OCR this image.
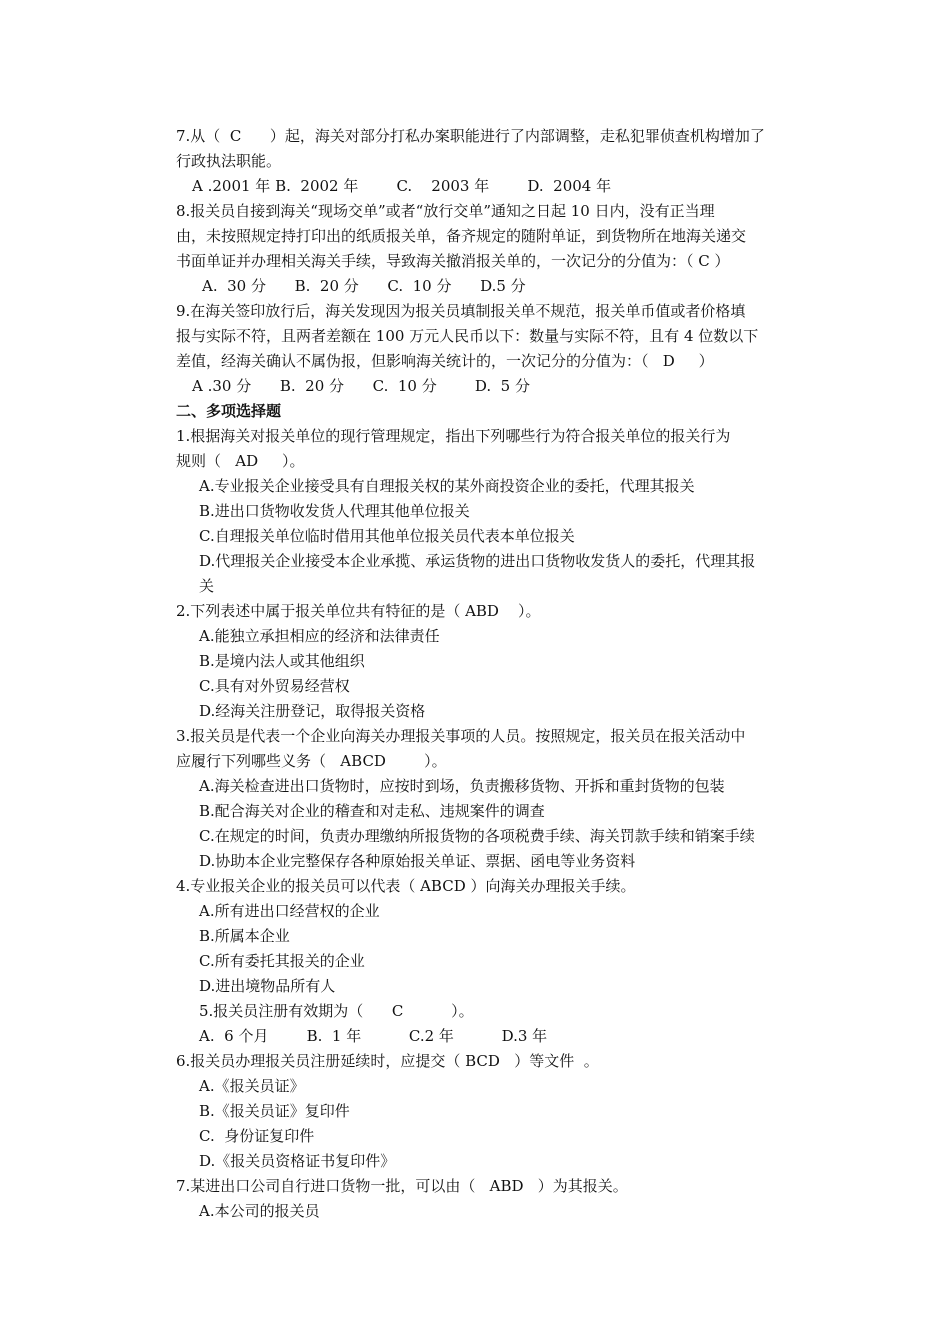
7.从（  C      ）起，海关对部分打私办案职能进行了内部调整，走私犯罪侦查机构增加了
行政执法职能。
A .2001 年 B.  2002 年        C.    2003 年        D.  2004 年
8.报关员自接到海关“现场交单”或者“放行交单”通知之日起 10 日内，没有正当理
由，未按照规定持打印出的纸质报关单，备齐规定的随附单证，到货物所在地海关递交
书面单证并办理相关海关手续，导致海关撤消报关单的，一次记分的分值为：（ C ）
A.  30 分      B.  20 分      C.  10 分      D.5 分
9.在海关签印放行后，海关发现因为报关员填制报关单不规范，报关单币值或者价格填
报与实际不符，且两者差额在 100 万元人民币以下：数量与实际不符，且有 4 位数以下
差值，经海关确认不属伪报，但影响海关统计的，一次记分的分值为：（   D     ）
A .30 分      B.  20 分      C.  10 分        D.  5 分
二、多项选择题
1.根据海关对报关单位的现行管理规定，指出下列哪些行为符合报关单位的报关行为
规则（   AD     ）。
A.专业报关企业接受具有自理报关权的某外商投资企业的委托，代理其报关
B.进出口货物收发货人代理其他单位报关
C.自理报关单位临时借用其他单位报关员代表本单位报关
D.代理报关企业接受本企业承揽、承运货物的进出口货物收发货人的委托，代理其报
关
2.下列表述中属于报关单位共有特征的是（ ABD    ）。
A.能独立承担相应的经济和法律责任
B.是境内法人或其他组织
C.具有对外贸易经营权
D.经海关注册登记，取得报关资格
3.报关员是代表一个企业向海关办理报关事项的人员。按照规定，报关员在报关活动中
应履行下列哪些义务（   ABCD        ）。
A.海关检查进出口货物时，应按时到场，负责搬移货物、开拆和重封货物的包装
B.配合海关对企业的稽查和对走私、违规案件的调查
C.在规定的时间，负责办理缴纳所报货物的各项税费手续、海关罚款手续和销案手续
D.协助本企业完整保存各种原始报关单证、票据、函电等业务资料
4.专业报关企业的报关员可以代表（ ABCD ）向海关办理报关手续。
A.所有进出口经营权的企业
B.所属本企业
C.所有委托其报关的企业
D.进出境物品所有人
5.报关员注册有效期为（      C          ）。
A.  6 个月        B.  1 年          C.2 年          D.3 年
6.报关员办理报关员注册延续时，应提交（ BCD   ）等文件  。
A.《报关员证》
B.《报关员证》复印件
C.  身份证复印件
D.《报关员资格证书复印件》
7.某进出口公司自行进口货物一批，可以由（   ABD   ）为其报关。
A.本公司的报关员
